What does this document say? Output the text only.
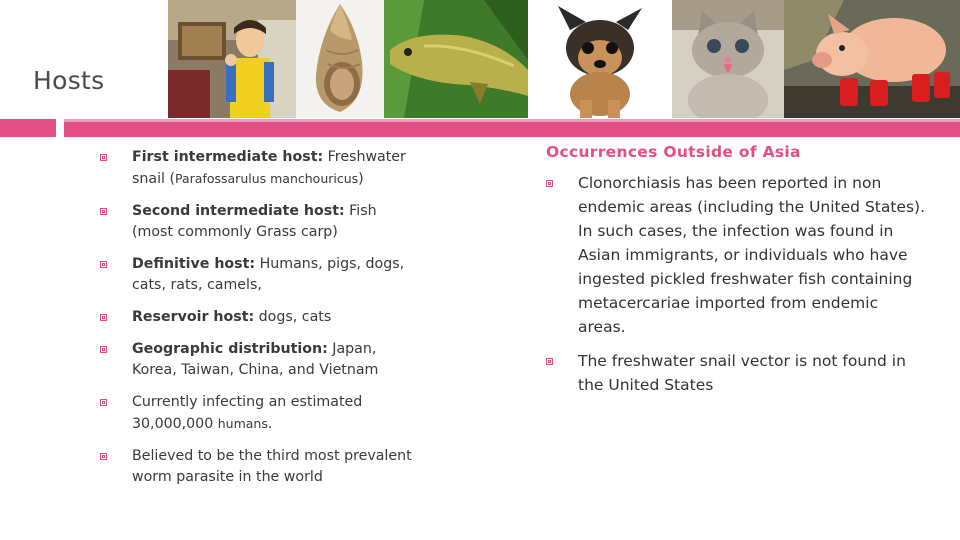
Hosts
First intermediate host: Freshwater snail (Parafossarulus manchouricus)
Second intermediate host: Fish (most commonly Grass carp)
Definitive host: Humans, pigs, dogs, cats, rats, camels,
Reservoir host: dogs, cats
Geographic distribution: Japan, Korea, Taiwan, China, and Vietnam
Currently infecting an estimated 30,000,000 humans.
Believed to be the third most prevalent worm parasite in the world
Occurrences Outside of Asia
Clonorchiasis has been reported in non endemic areas (including the United States). In such cases, the infection was found in Asian immigrants, or individuals who have ingested pickled freshwater fish containing metacercariae imported from endemic areas.
The freshwater snail vector is not found in the United States
